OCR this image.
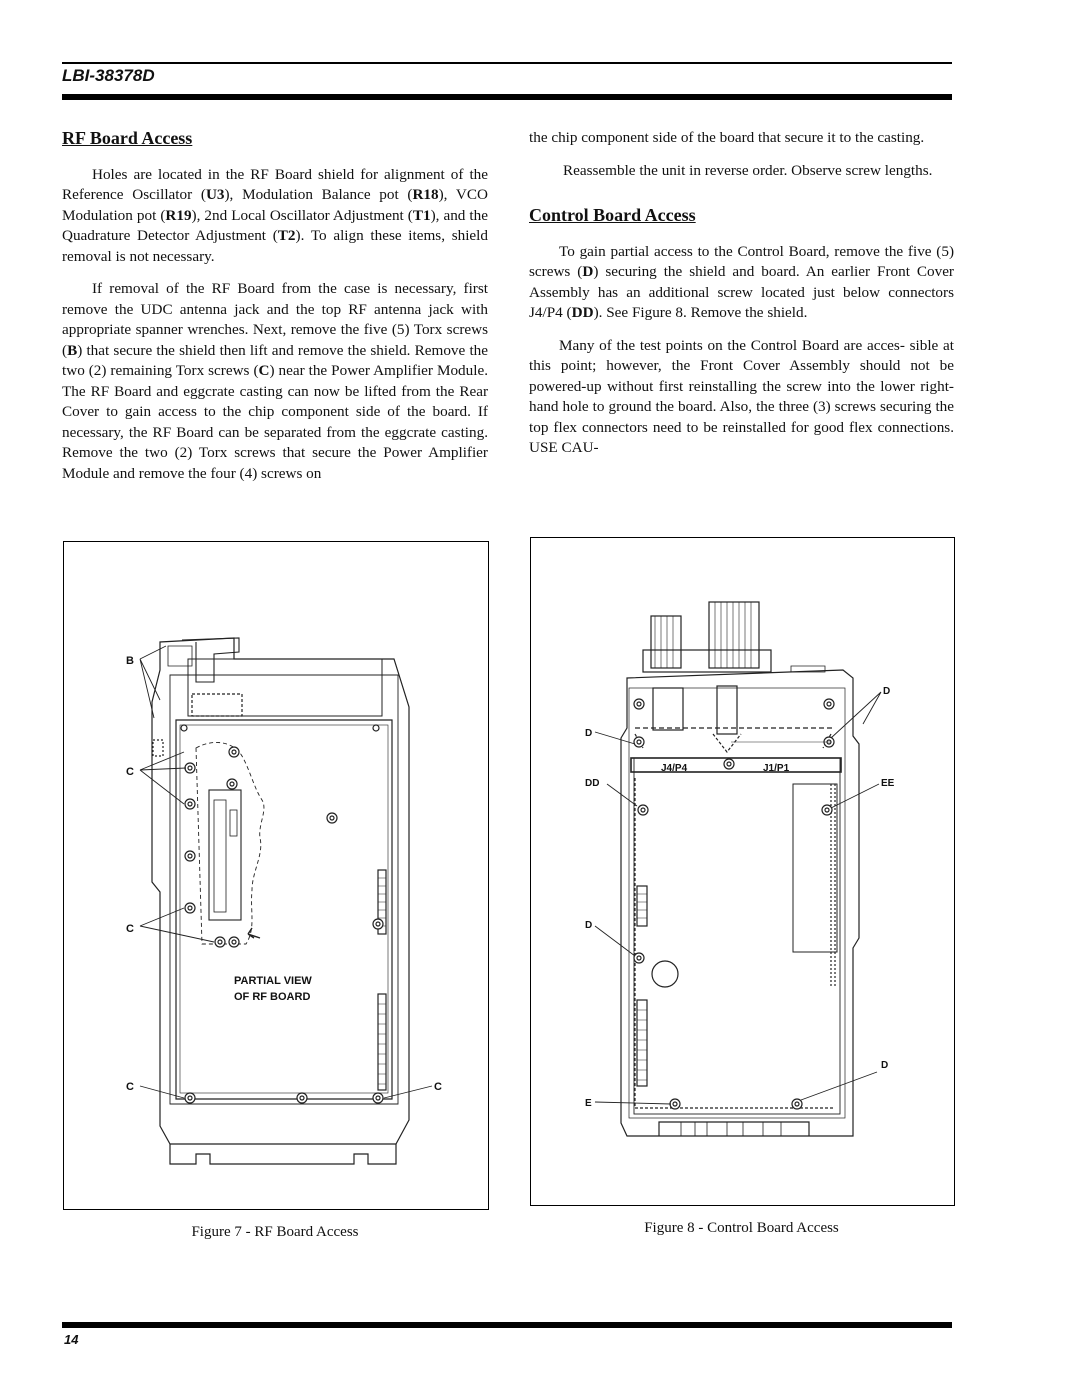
LBI-38378D
RF Board Access

Holes are located in the RF Board shield for alignment of the Reference Oscillator (U3), Modulation Balance pot (R18), VCO Modulation pot (R19), 2nd Local Oscillator Adjustment (T1), and the Quadrature Detector Adjustment (T2). To align these items, shield removal is not necessary.

If removal of the RF Board from the case is necessary, first remove the UDC antenna jack and the top RF antenna jack with appropriate spanner wrenches. Next, remove the five (5) Torx screws (B) that secure the shield then lift and remove the shield. Remove the two (2) remaining Torx screws (C) near the Power Amplifier Module. The RF Board and eggcrate casting can now be lifted from the Rear Cover to gain access to the chip component side of the board. If necessary, the RF Board can be separated from the eggcrate casting. Remove the two (2) Torx screws that secure the Power Amplifier Module and remove the four (4) screws on

the chip component side of the board that secure it to the casting.

Reassemble the unit in reverse order. Observe screw lengths.

Control Board Access

To gain partial access to the Control Board, remove the five (5) screws (D) securing the shield and board. An earlier Front Cover Assembly has an additional screw located just below connectors J4/P4 (DD). See Figure 8. Remove the shield.

Many of the test points on the Control Board are acces- sible at this point; however, the Front Cover Assembly should not be powered-up without first reinstalling the screw into the lower right-hand hole to ground the board. Also, the three (3) screws securing the top flex connectors need to be reinstalled for good flex connections. USE CAU-

B
C
C
C	C
PARTIAL VIEW
OF RF BOARD
Figure 7 - RF Board Access
D
D
J4/P4	J1/P1
DD	EE
D
D
E
Figure 8 - Control Board Access
14
